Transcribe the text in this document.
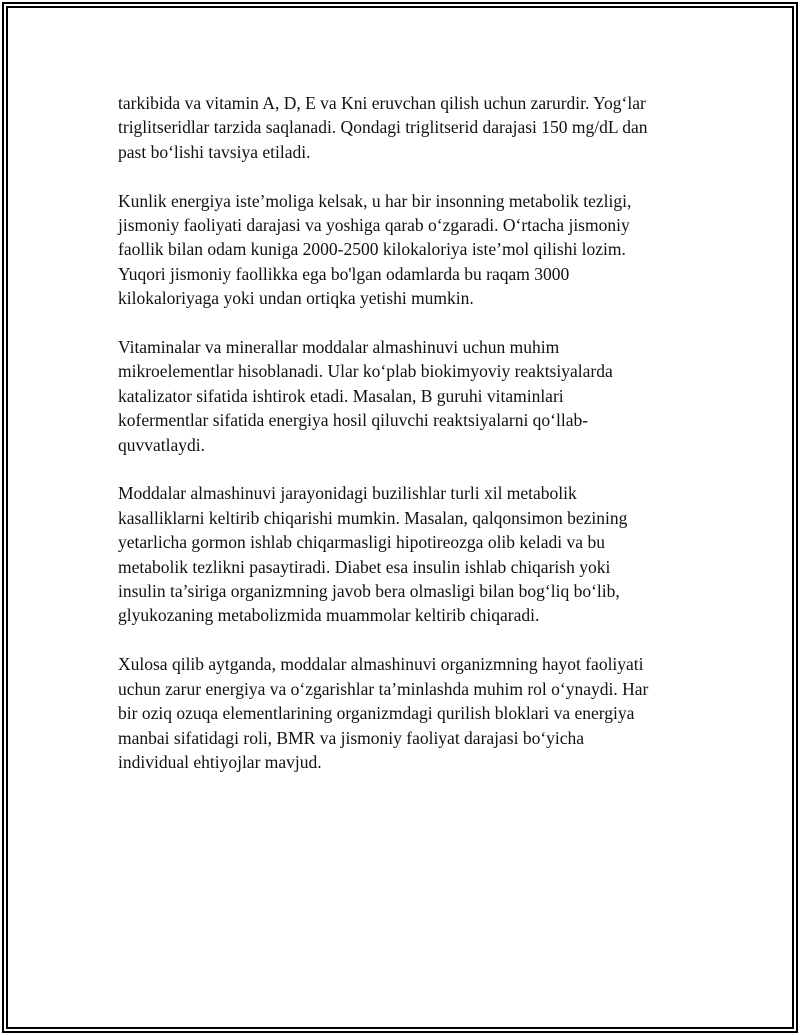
tarkibida va vitamin A, D, E va Kni eruvchan qilish uchun zarurdir. Yog‘lar
triglitseridlar tarzida saqlanadi. Qondagi triglitserid darajasi 150 mg/dL dan
past bo‘lishi tavsiya etiladi.

Kunlik energiya iste’moliga kelsak, u har bir insonning metabolik tezligi,
jismoniy faoliyati darajasi va yoshiga qarab o‘zgaradi. O‘rtacha jismoniy
faollik bilan odam kuniga 2000-2500 kilokaloriya iste’mol qilishi lozim.
Yuqori jismoniy faollikka ega bo'lgan odamlarda bu raqam 3000
kilokaloriyaga yoki undan ortiqka yetishi mumkin.

Vitaminalar va minerallar moddalar almashinuvi uchun muhim
mikroelementlar hisoblanadi. Ular ko‘plab biokimyoviy reaktsiyalarda
katalizator sifatida ishtirok etadi. Masalan, B guruhi vitaminlari
kofermentlar sifatida energiya hosil qiluvchi reaktsiyalarni qo‘llab-
quvvatlaydi.

Moddalar almashinuvi jarayonidagi buzilishlar turli xil metabolik
kasalliklarni keltirib chiqarishi mumkin. Masalan, qalqonsimon bezining
yetarlicha gormon ishlab chiqarmasligi hipotireozga olib keladi va bu
metabolik tezlikni pasaytiradi. Diabet esa insulin ishlab chiqarish yoki
insulin ta’siriga organizmning javob bera olmasligi bilan bog‘liq bo‘lib,
glyukozaning metabolizmida muammolar keltirib chiqaradi.

Xulosa qilib aytganda, moddalar almashinuvi organizmning hayot faoliyati
uchun zarur energiya va o‘zgarishlar ta’minlashda muhim rol o‘ynaydi. Har
bir oziq ozuqa elementlarining organizmdagi qurilish bloklari va energiya
manbai sifatidagi roli, BMR va jismoniy faoliyat darajasi bo‘yicha
individual ehtiyojlar mavjud.
